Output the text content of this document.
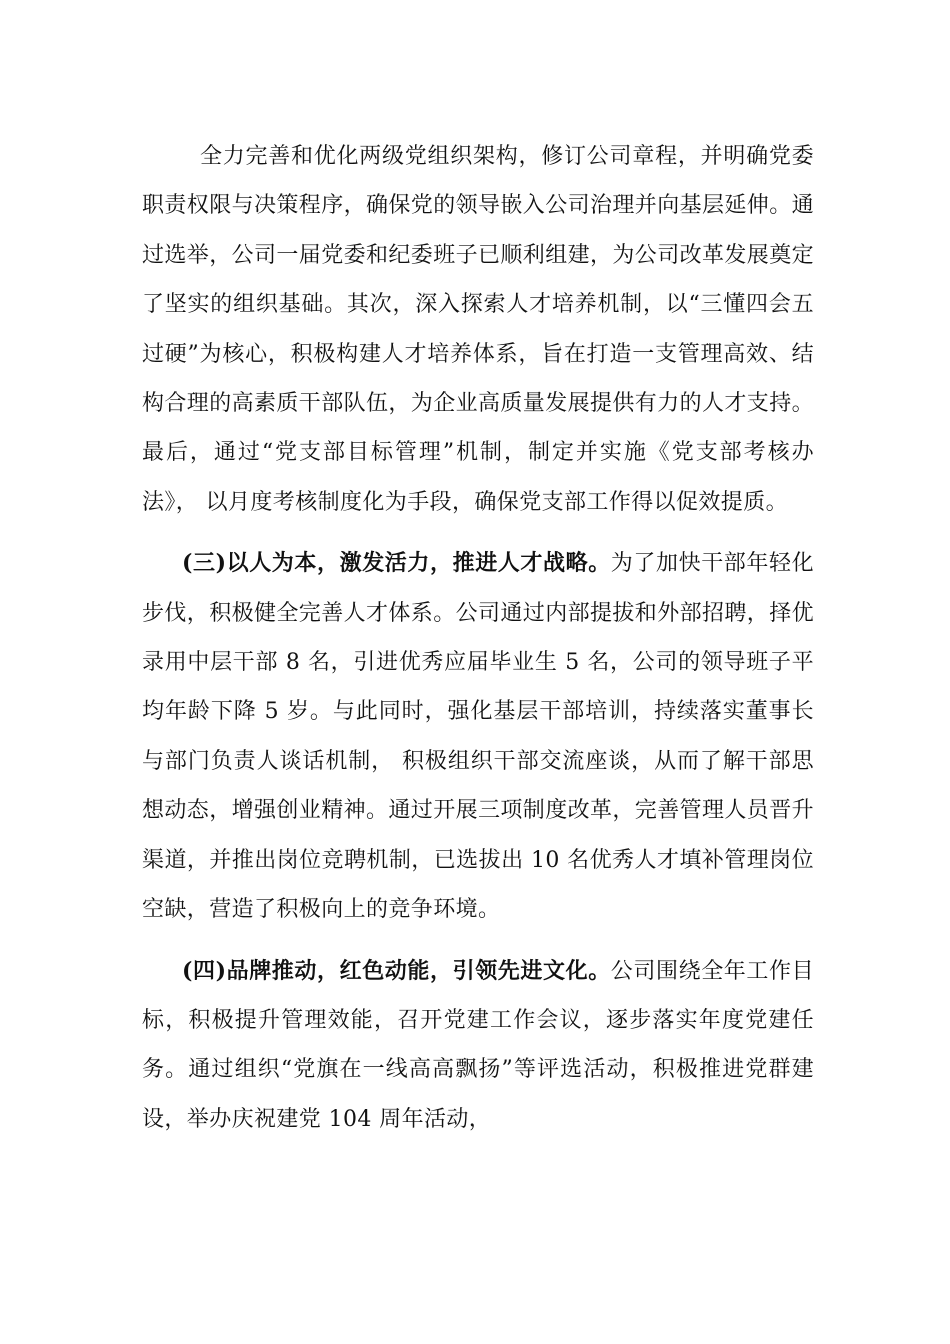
全力完善和优化两级党组织架构，修订公司章程，并明确党委职责权限与决策程序，确保党的领导嵌入公司治理并向基层延伸。通过选举，公司一届党委和纪委班子已顺利组建，为公司改革发展奠定了坚实的组织基础。其次，深入探索人才培养机制，以“三懂四会五过硬”为核心，积极构建人才培养体系，旨在打造一支管理高效、结构合理的高素质干部队伍，为企业高质量发展提供有力的人才支持。最后，通过“党支部目标管理”机制，制定并实施《党支部考核办法》， 以月度考核制度化为手段，确保党支部工作得以促效提质。

(三)以人为本，激发活力，推进人才战略。为了加快干部年轻化步伐，积极健全完善人才体系。公司通过内部提拔和外部招聘，择优录用中层干部 8 名，引进优秀应届毕业生 5 名，公司的领导班子平均年龄下降 5 岁。与此同时，强化基层干部培训，持续落实董事长与部门负责人谈话机制， 积极组织干部交流座谈，从而了解干部思想动态，增强创业精神。通过开展三项制度改革，完善管理人员晋升渠道，并推出岗位竞聘机制，已选拔出 10 名优秀人才填补管理岗位空缺，营造了积极向上的竞争环境。

(四)品牌推动，红色动能，引领先进文化。公司围绕全年工作目标，积极提升管理效能，召开党建工作会议，逐步落实年度党建任务。通过组织“党旗在一线高高飘扬”等评选活动，积极推进党群建设，举办庆祝建党 104 周年活动，
